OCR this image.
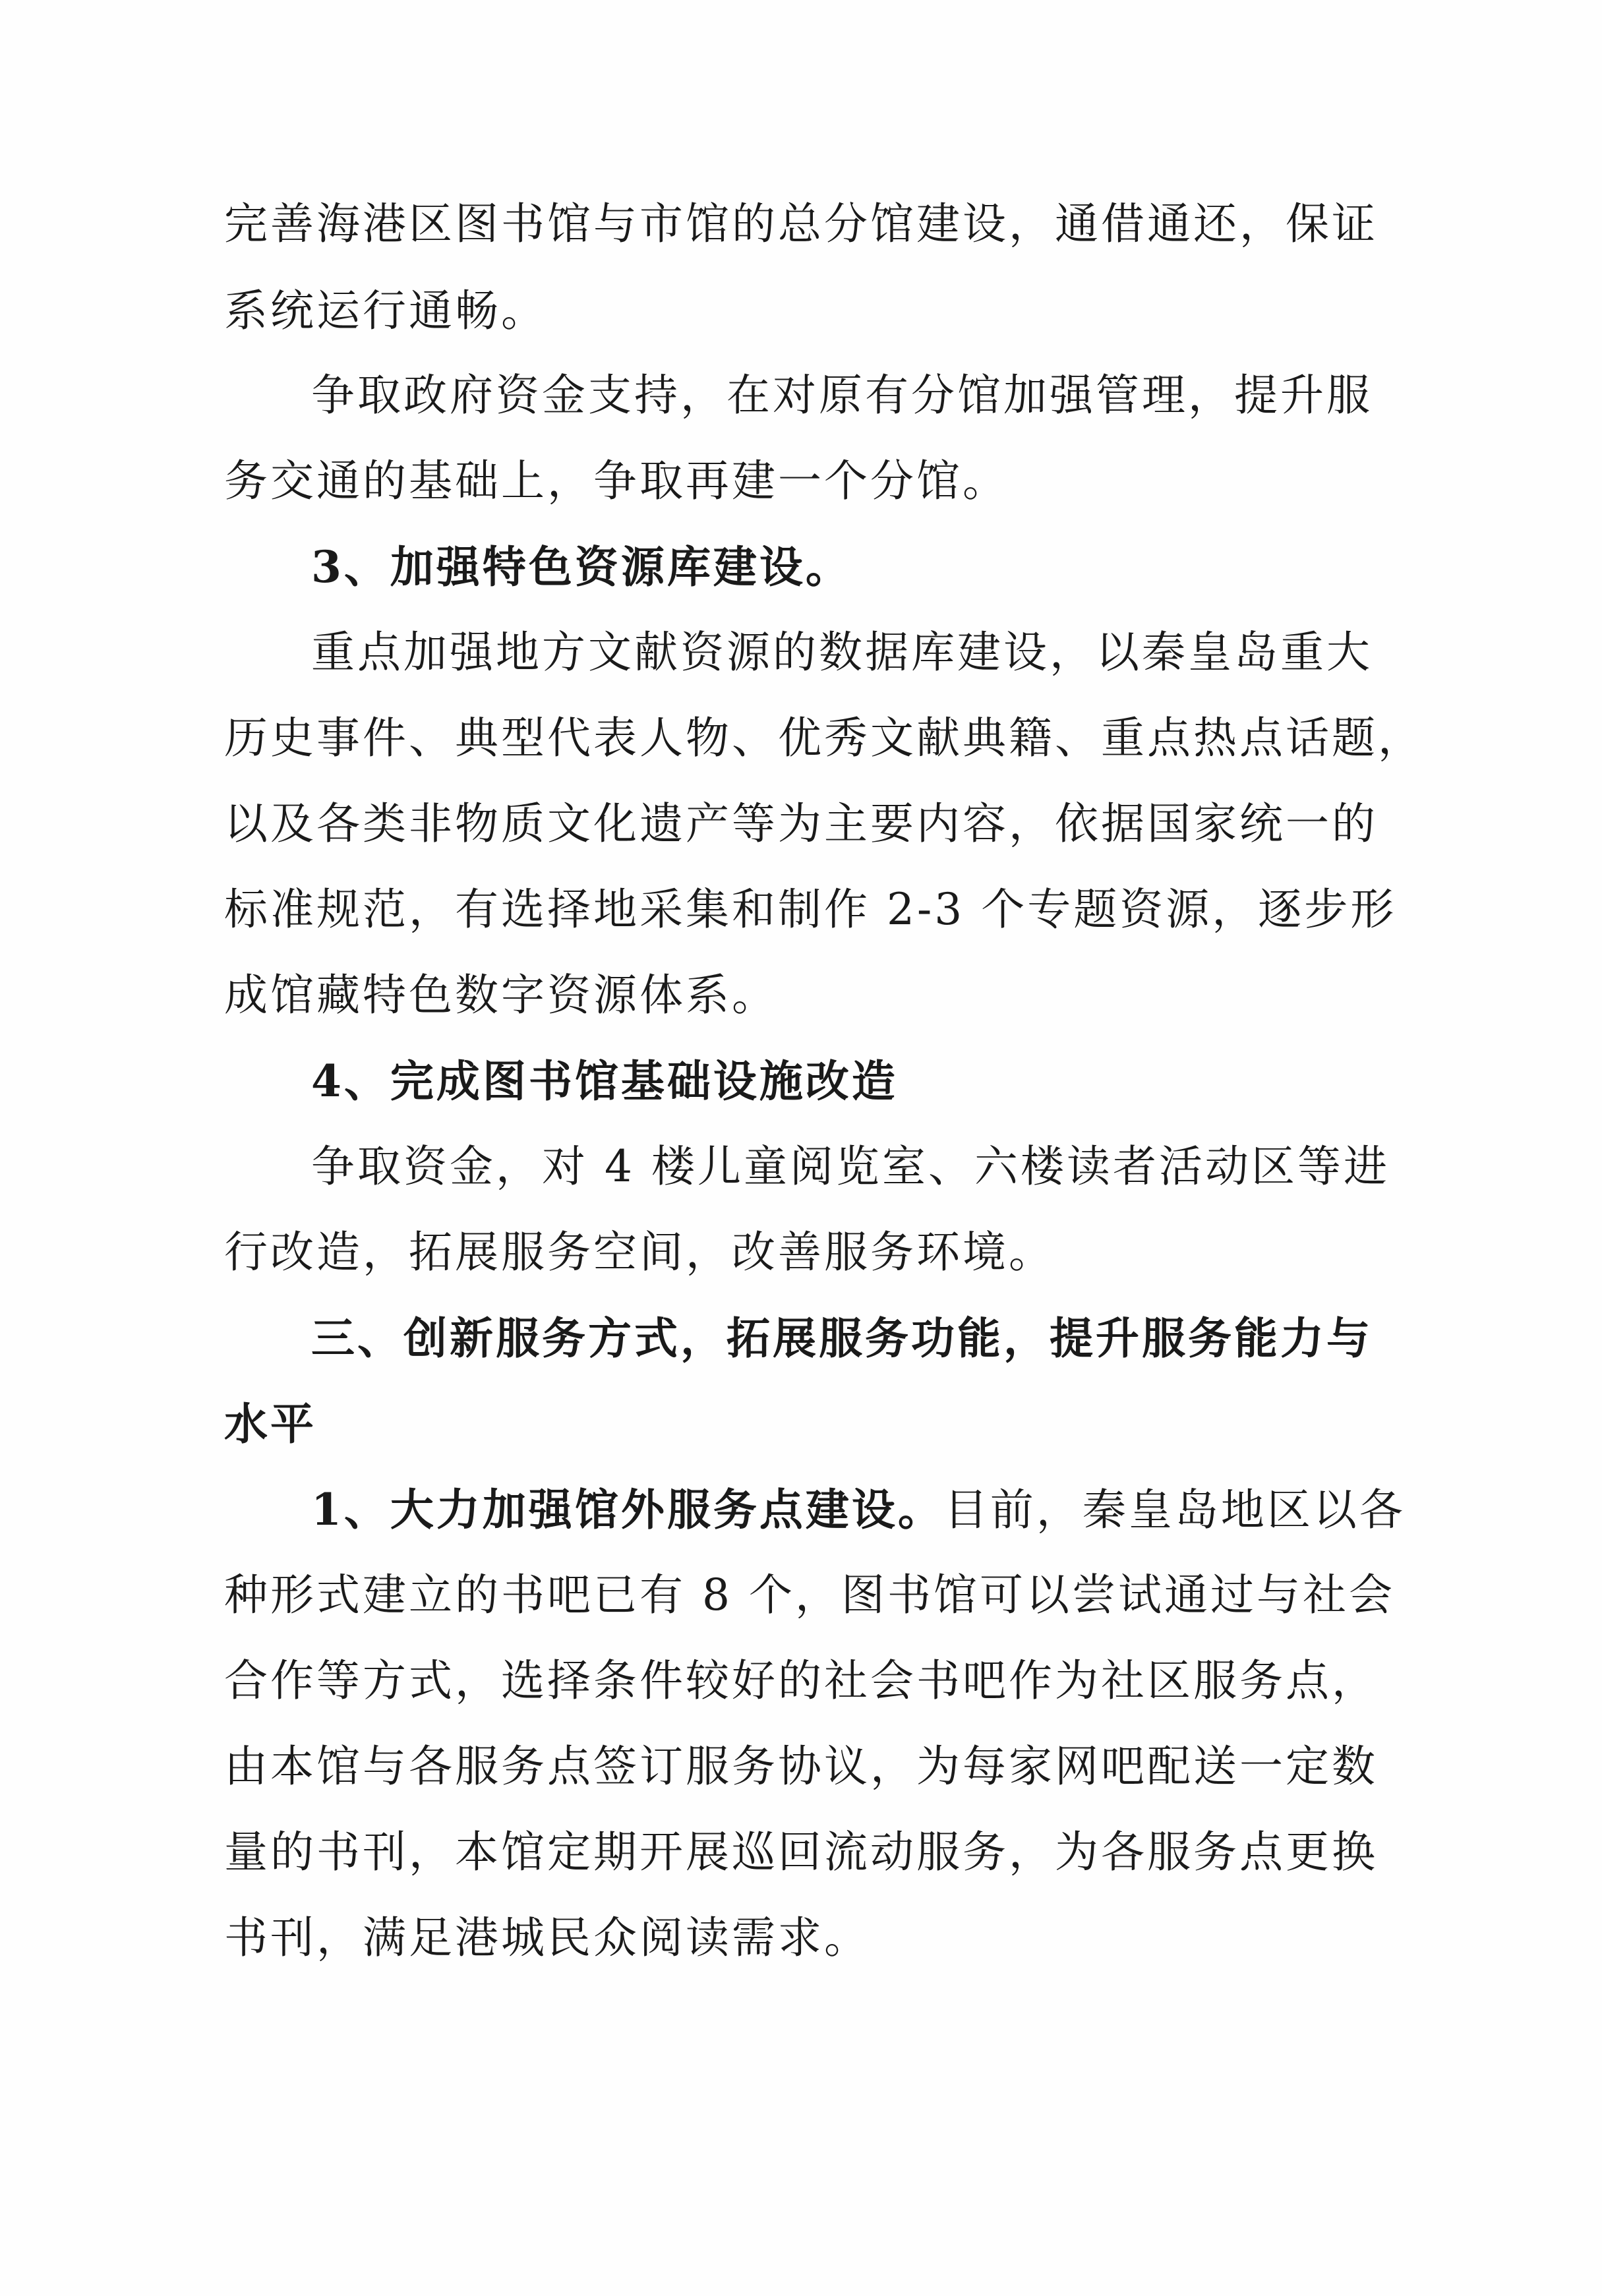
完善海港区图书馆与市馆的总分馆建设，通借通还，保证
系统运行通畅。
争取政府资金支持，在对原有分馆加强管理，提升服
务交通的基础上，争取再建一个分馆。
3、加强特色资源库建设。
重点加强地方文献资源的数据库建设，以秦皇岛重大
历史事件、典型代表人物、优秀文献典籍、重点热点话题，
以及各类非物质文化遗产等为主要内容，依据国家统一的
标准规范，有选择地采集和制作 2-3 个专题资源，逐步形
成馆藏特色数字资源体系。
4、完成图书馆基础设施改造
争取资金，对 4 楼儿童阅览室、六楼读者活动区等进
行改造，拓展服务空间，改善服务环境。
三、创新服务方式，拓展服务功能，提升服务能力与
水平
1、大力加强馆外服务点建设。目前，秦皇岛地区以各
种形式建立的书吧已有 8 个，图书馆可以尝试通过与社会
合作等方式，选择条件较好的社会书吧作为社区服务点，
由本馆与各服务点签订服务协议，为每家网吧配送一定数
量的书刊，本馆定期开展巡回流动服务，为各服务点更换
书刊，满足港城民众阅读需求。
